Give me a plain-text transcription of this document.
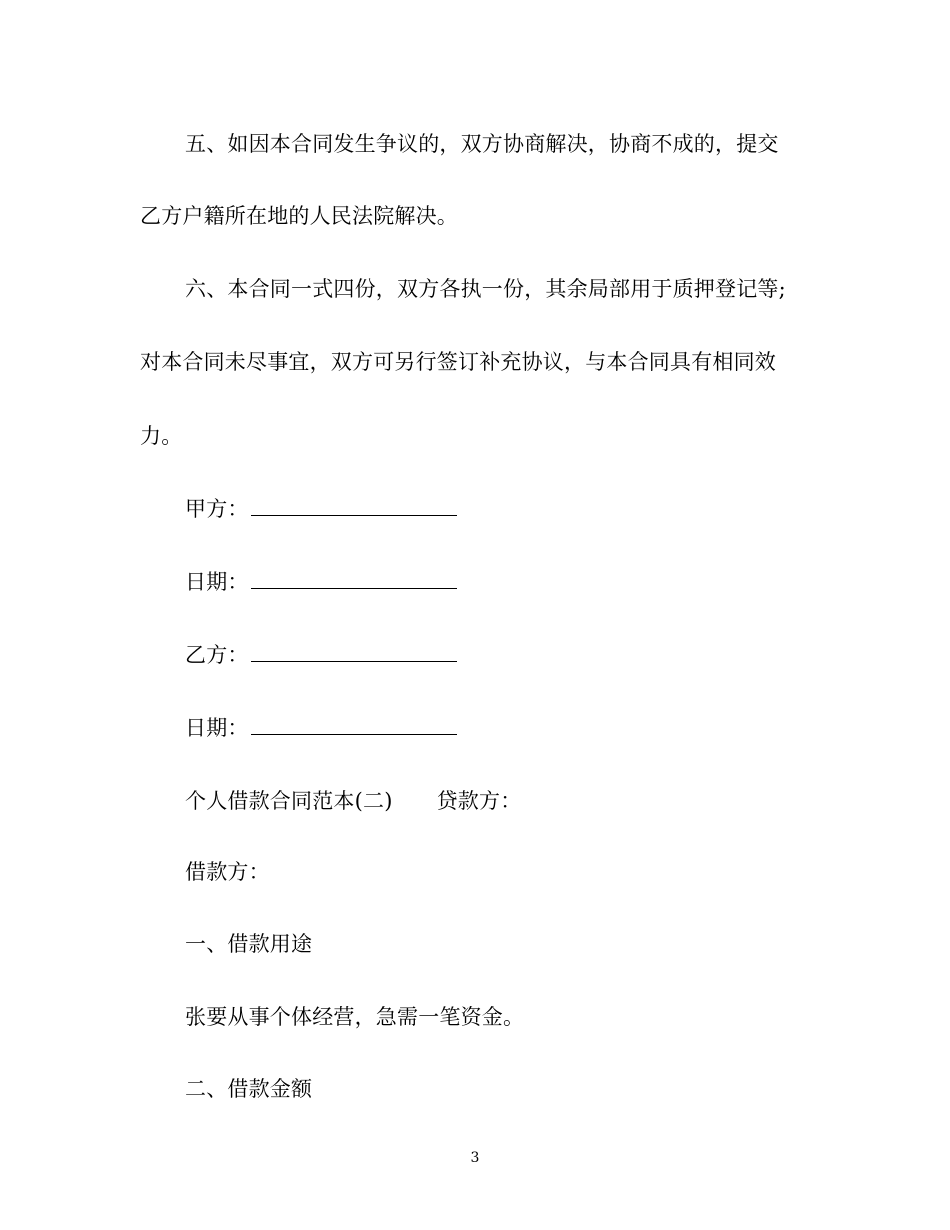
五、如因本合同发生争议的，双方协商解决，协商不成的，提交
乙方户籍所在地的人民法院解决。
六、本合同一式四份，双方各执一份，其余局部用于质押登记等;
对本合同未尽事宜，双方可另行签订补充协议，与本合同具有相同效
力。
甲方：
日期：
乙方：
日期：
个人借款合同范本(二) 贷款方：
借款方：
一、借款用途
张要从事个体经营，急需一笔资金。
二、借款金额
3
